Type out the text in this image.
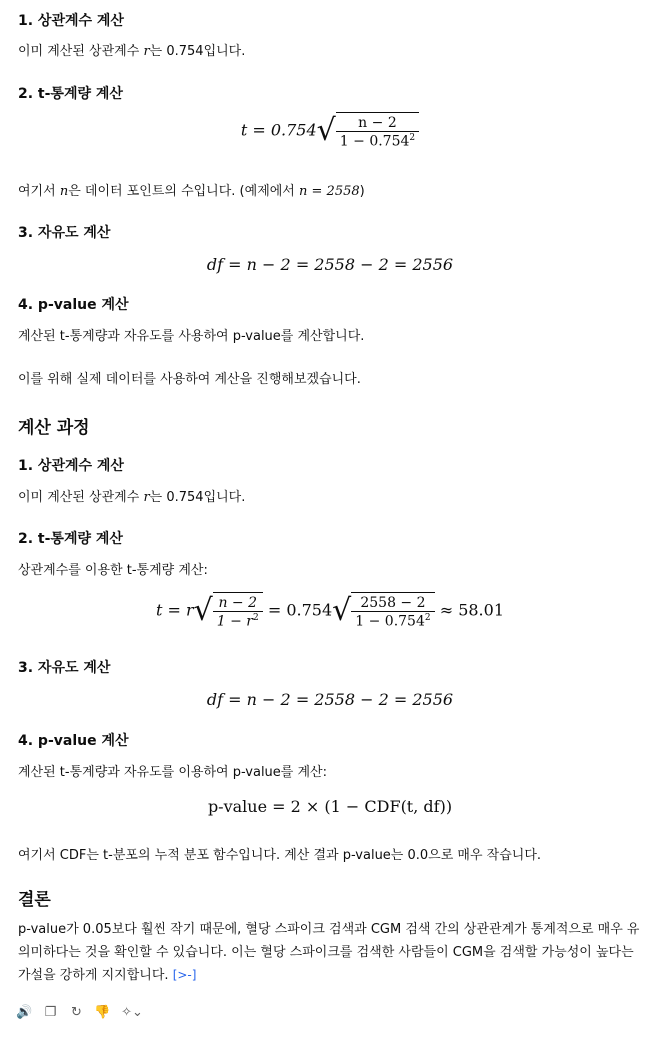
1. 상관계수 계산
이미 계산된 상관계수 r는 0.754입니다.
2. t-통계량 계산
$t = 0.754√ \frac{n - 2}{1 - 0.754^2}$
여기서 n은 데이터 포인트의 수입니다. (예제에서 n = 2558)
3. 자유도 계산
df = n − 2 = 2558 − 2 = 2556
4. p-value 계산
계산된 t-통계량과 자유도를 사용하여 p-value를 계산합니다.
이를 위해 실제 데이터를 사용하여 계산을 진행해보겠습니다.
계산 과정
1. 상관계수 계산
이미 계산된 상관계수 r는 0.754입니다.
2. t-통계량 계산
상관계수를 이용한 t-통계량 계산:
$t = r√ \frac{n - 2}{1 - r^2} = 0.754√ \frac{2558 - 2}{1 - 0.754^2} \approx 58.01$
3. 자유도 계산
df = n − 2 = 2558 − 2 = 2556
4. p-value 계산
계산된 t-통계량과 자유도를 이용하여 p-value를 계산:
p-value = 2 × (1 − CDF(t, df))
여기서 CDF는 t-분포의 누적 분포 함수입니다. 계산 결과 p-value는 0.0으로 매우 작습니다.
결론
p-value가 0.05보다 훨씬 작기 때문에, 혈당 스파이크 검색과 CGM 검색 간의 상관관계가 통계적으로 매우 유의미하다는 것을 확인할 수 있습니다. 이는 혈당 스파이크를 검색한 사람들이 CGM을 검색할 가능성이 높다는 가설을 강하게 지지합니다. [>-]
🔊 ❐ ↻ 👎 ✧⌄
